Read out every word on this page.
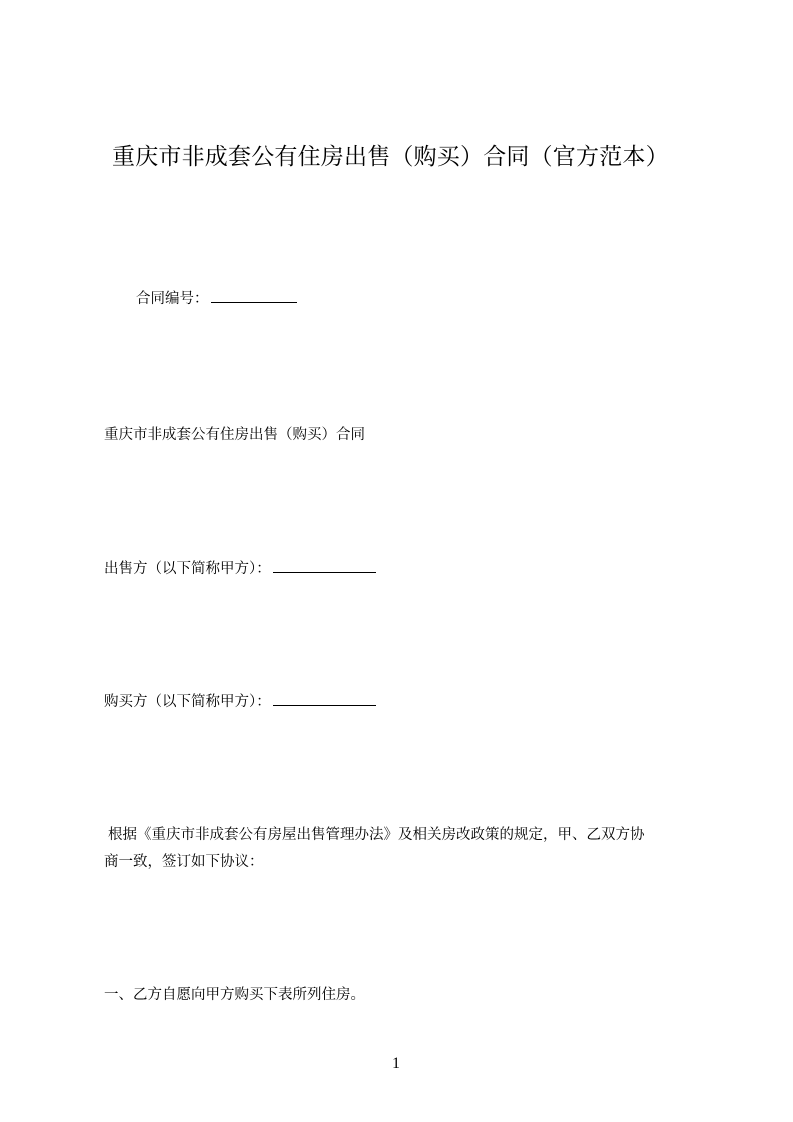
重庆市非成套公有住房出售（购买）合同（官方范本）
合同编号：
重庆市非成套公有住房出售（购买）合同
出售方（以下简称甲方）：
购买方（以下简称甲方）：
根据《重庆市非成套公有房屋出售管理办法》及相关房改政策的规定，甲、乙双方协
商一致，签订如下协议：
一、乙方自愿向甲方购买下表所列住房。
1
